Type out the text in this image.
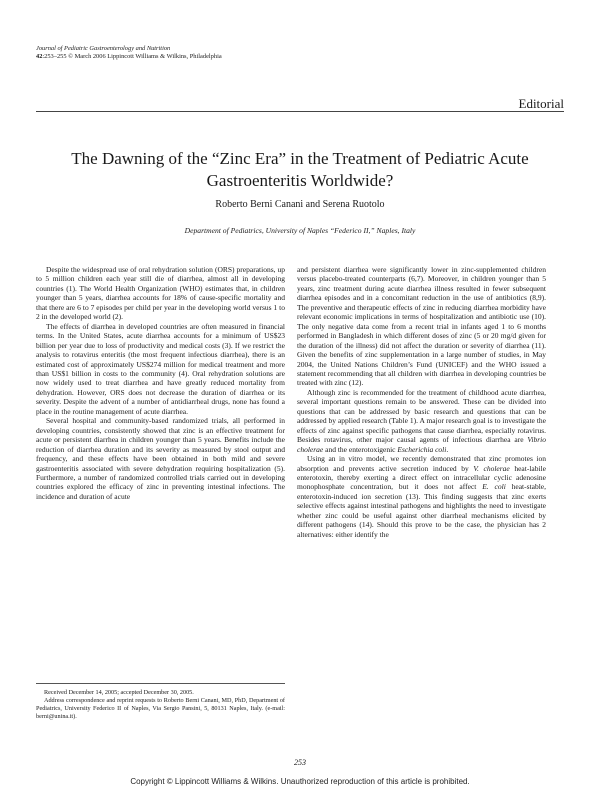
Journal of Pediatric Gastroenterology and Nutrition
42:253–255 © March 2006 Lippincott Williams & Wilkins, Philadelphia
Editorial
The Dawning of the “Zinc Era” in the Treatment of Pediatric Acute Gastroenteritis Worldwide?
Roberto Berni Canani and Serena Ruotolo
Department of Pediatrics, University of Naples “Federico II,” Naples, Italy

Despite the widespread use of oral rehydration solution (ORS) preparations, up to 5 million children each year still die of diarrhea, almost all in developing countries (1). The World Health Organization (WHO) estimates that, in children younger than 5 years, diarrhea accounts for 18% of cause-specific mortality and that there are 6 to 7 episodes per child per year in the developing world versus 1 to 2 in the developed world (2).

The effects of diarrhea in developed countries are often measured in financial terms. In the United States, acute diarrhea accounts for a minimum of US$23 billion per year due to loss of productivity and medical costs (3). If we restrict the analysis to rotavirus enteritis (the most frequent infectious diarrhea), there is an estimated cost of approximately US$274 million for medical treatment and more than US$1 billion in costs to the community (4). Oral rehydration solutions are now widely used to treat diarrhea and have greatly reduced mortality from dehydration. However, ORS does not decrease the duration of diarrhea or its severity. Despite the advent of a number of antidiarrheal drugs, none has found a place in the routine management of acute diarrhea.

Several hospital and community-based randomized trials, all performed in developing countries, consistently showed that zinc is an effective treatment for acute or persistent diarrhea in children younger than 5 years. Benefits include the reduction of diarrhea duration and its severity as measured by stool output and frequency, and these effects have been obtained in both mild and severe gastroenteritis associated with severe dehydration requiring hospitalization (5). Furthermore, a number of randomized controlled trials carried out in developing countries explored the efficacy of zinc in preventing intestinal infections. The incidence and duration of acute

Received December 14, 2005; accepted December 30, 2005.

Address correspondence and reprint requests to Roberto Berni Canani, MD, PhD, Department of Pediatrics, University Federico II of Naples, Via Sergio Pansini, 5, 80131 Naples, Italy. (e-mail: berni@unina.it).

and persistent diarrhea were significantly lower in zinc-supplemented children versus placebo-treated counterparts (6,7). Moreover, in children younger than 5 years, zinc treatment during acute diarrhea illness resulted in fewer subsequent diarrhea episodes and in a concomitant reduction in the use of antibiotics (8,9). The preventive and therapeutic effects of zinc in reducing diarrhea morbidity have relevant economic implications in terms of hospitalization and antibiotic use (10). The only negative data come from a recent trial in infants aged 1 to 6 months performed in Bangladesh in which different doses of zinc (5 or 20 mg/d given for the duration of the illness) did not affect the duration or severity of diarrhea (11). Given the benefits of zinc supplementation in a large number of studies, in May 2004, the United Nations Children’s Fund (UNICEF) and the WHO issued a statement recommending that all children with diarrhea in developing countries be treated with zinc (12).

Although zinc is recommended for the treatment of childhood acute diarrhea, several important questions remain to be answered. These can be divided into questions that can be addressed by basic research and questions that can be addressed by applied research (Table 1). A major research goal is to investigate the effects of zinc against specific pathogens that cause diarrhea, especially rotavirus. Besides rotavirus, other major causal agents of infectious diarrhea are Vibrio cholerae and the enterotoxigenic Escherichia coli.

Using an in vitro model, we recently demonstrated that zinc promotes ion absorption and prevents active secretion induced by V. cholerae heat-labile enterotoxin, thereby exerting a direct effect on intracellular cyclic adenosine monophosphate concentration, but it does not affect E. coli heat-stable, enterotoxin-induced ion secretion (13). This finding suggests that zinc exerts selective effects against intestinal pathogens and highlights the need to investigate whether zinc could be useful against other diarrheal mechanisms elicited by different pathogens (14). Should this prove to be the case, the physician has 2 alternatives: either identify the

253
Copyright © Lippincott Williams & Wilkins. Unauthorized reproduction of this article is prohibited.
